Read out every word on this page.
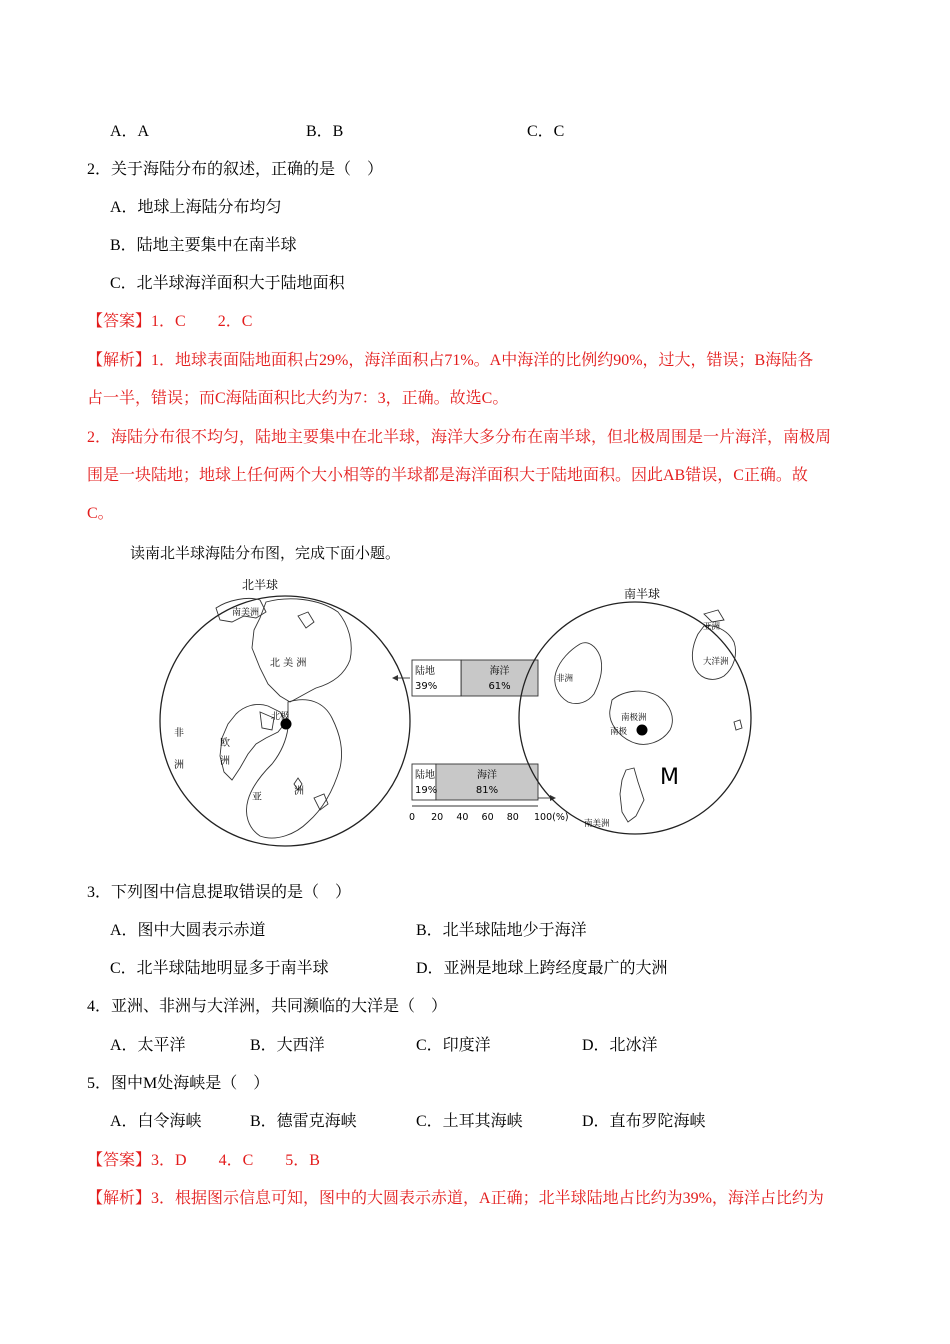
A．A	B．B	C．C
2．关于海陆分布的叙述，正确的是（　）
A．地球上海陆分布均匀
B．陆地主要集中在南半球
C．北半球海洋面积大于陆地面积
【答案】1．C　　2．C
【解析】1．地球表面陆地面积占29%，海洋面积占71%。A中海洋的比例约90%，过大，错误；B海陆各
占一半，错误；而C海陆面积比大约为7：3，正确。故选C。
2．海陆分布很不均匀，陆地主要集中在北半球，海洋大多分布在南半球，但北极周围是一片海洋，南极周
围是一块陆地；地球上任何两个大小相等的半球都是海洋面积大于陆地面积。因此AB错误，C正确。故
C。
读南北半球海陆分布图，完成下面小题。
北半球
南美洲
北 美 洲
北极
非
洲
欧
洲
亚
洲
陆地
39%
海洋
61%
陆地
19%
海洋
81%
0 20 40 60 80 100(%)
南半球
亚洲
大洋洲
非洲
南极洲
南极
M
南美洲
3．下列图中信息提取错误的是（　）
A．图中大圆表示赤道	B．北半球陆地少于海洋
C．北半球陆地明显多于南半球	D．亚洲是地球上跨经度最广的大洲
4．亚洲、非洲与大洋洲，共同濒临的大洋是（　）
A．太平洋	B．大西洋	C．印度洋	D．北冰洋
5．图中M处海峡是（　）
A．白令海峡	B．德雷克海峡	C．土耳其海峡	D．直布罗陀海峡
【答案】3．D　　4．C　　5．B
【解析】3．根据图示信息可知，图中的大圆表示赤道，A正确；北半球陆地占比约为39%，海洋占比约为
